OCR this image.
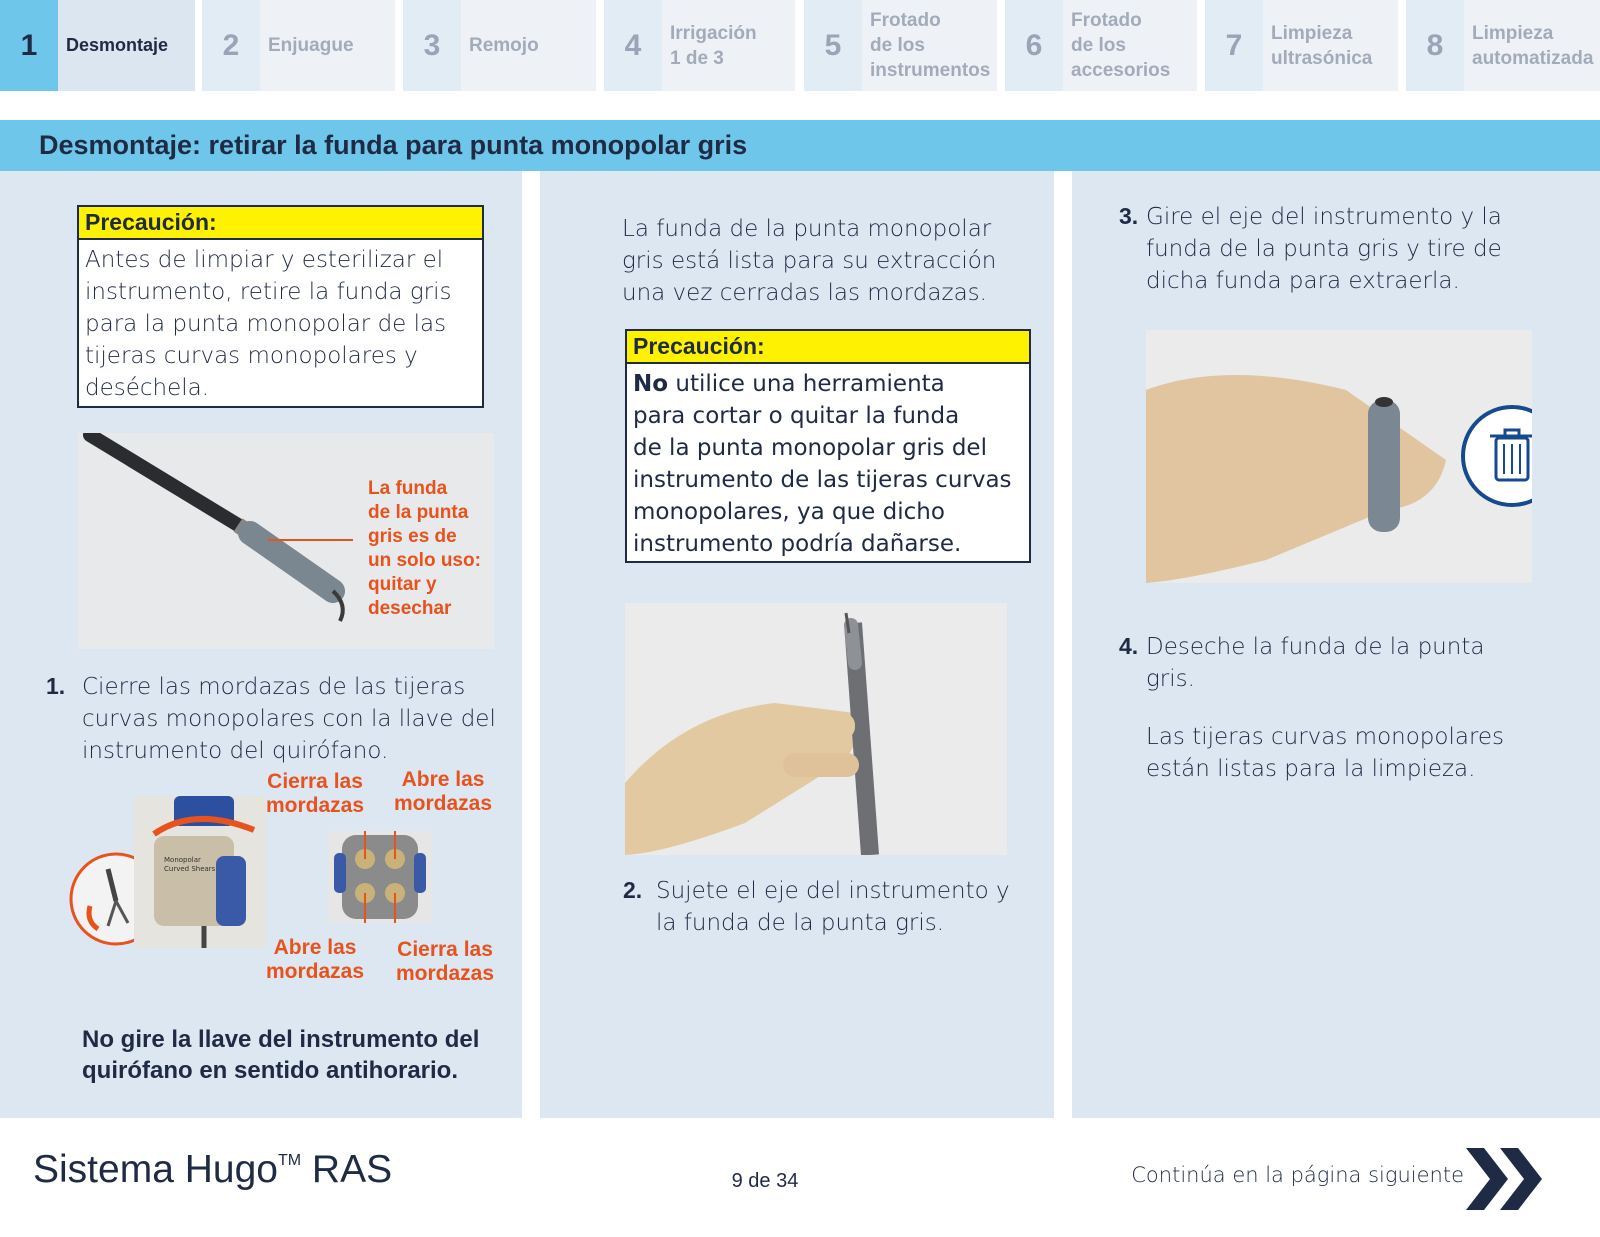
1	Desmontaje	2	Enjuague	3	Remojo	4	Irrigación
1 de 3	5
Frotado
de los
instrumentos
6
Frotado
de los
accesorios
7	Limpieza
ultrasónica	8	Limpieza
automatizada
Desmontaje: retirar la funda para punta monopolar gris
Precaución:
Antes de limpiar y esterilizar el
instrumento, retire la funda gris
para la punta monopolar de las
tijeras curvas monopolares y
deséchela.
La funda
de la punta
gris es de
un solo uso:
quitar y
desechar
1. Cierre las mordazas de las tijeras
curvas monopolares con la llave del
instrumento del quirófano.
Monopolar
Curved Shears
Cierra las
mordazas
Abre las
mordazas
Abre las
mordazas
Cierra las
mordazas
No gire la llave del instrumento del
quirófano en sentido antihorario.
La funda de la punta monopolar
gris está lista para su extracción
una vez cerradas las mordazas.
Precaución:
No utilice una herramienta
para cortar o quitar la funda
de la punta monopolar gris del
instrumento de las tijeras curvas
monopolares, ya que dicho
instrumento podría dañarse.
2. Sujete el eje del instrumento y
la funda de la punta gris.
3. Gire el eje del instrumento y la
funda de la punta gris y tire de
dicha funda para extraerla.
4. Deseche la funda de la punta
gris.
Las tijeras curvas monopolares
están listas para la limpieza.
Sistema Hugo™ RAS	9 de 34	Continúa en la página siguiente
